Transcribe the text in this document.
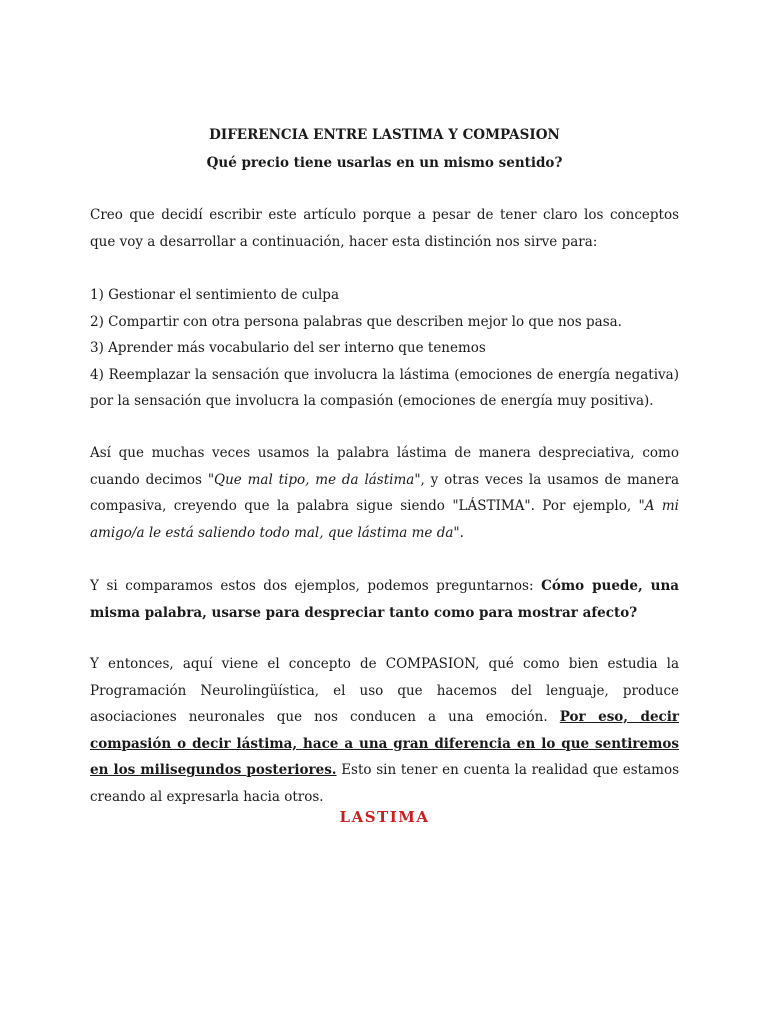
DIFERENCIA ENTRE LASTIMA Y COMPASION
Qué precio tiene usarlas en un mismo sentido?

Creo que decidí escribir este artículo porque a pesar de tener claro los conceptos que voy a desarrollar a continuación, hacer esta distinción nos sirve para:

1) Gestionar el sentimiento de culpa

2) Compartir con otra persona palabras que describen mejor lo que nos pasa.

3) Aprender más vocabulario del ser interno que tenemos

4) Reemplazar la sensación que involucra la lástima (emociones de energía negativa) por la sensación que involucra la compasión (emociones de energía muy positiva).

Así que muchas veces usamos la palabra lástima de manera despreciativa, como cuando decimos "Que mal tipo, me da lástima", y otras veces la usamos de manera compasiva, creyendo que la palabra sigue siendo "LÁSTIMA". Por ejemplo, "A mi amigo/a le está saliendo todo mal, que lástima me da".

Y si comparamos estos dos ejemplos, podemos preguntarnos: Cómo puede, una misma palabra, usarse para despreciar tanto como para mostrar afecto?

Y entonces, aquí viene el concepto de COMPASION, qué como bien estudia la Programación Neurolingüística, el uso que hacemos del lenguaje, produce asociaciones neuronales que nos conducen a una emoción. Por eso, decir compasión o decir lástima, hace a una gran diferencia en lo que sentiremos en los milisegundos posteriores. Esto sin tener en cuenta la realidad que estamos creando al expresarla hacia otros.

LASTIMA
